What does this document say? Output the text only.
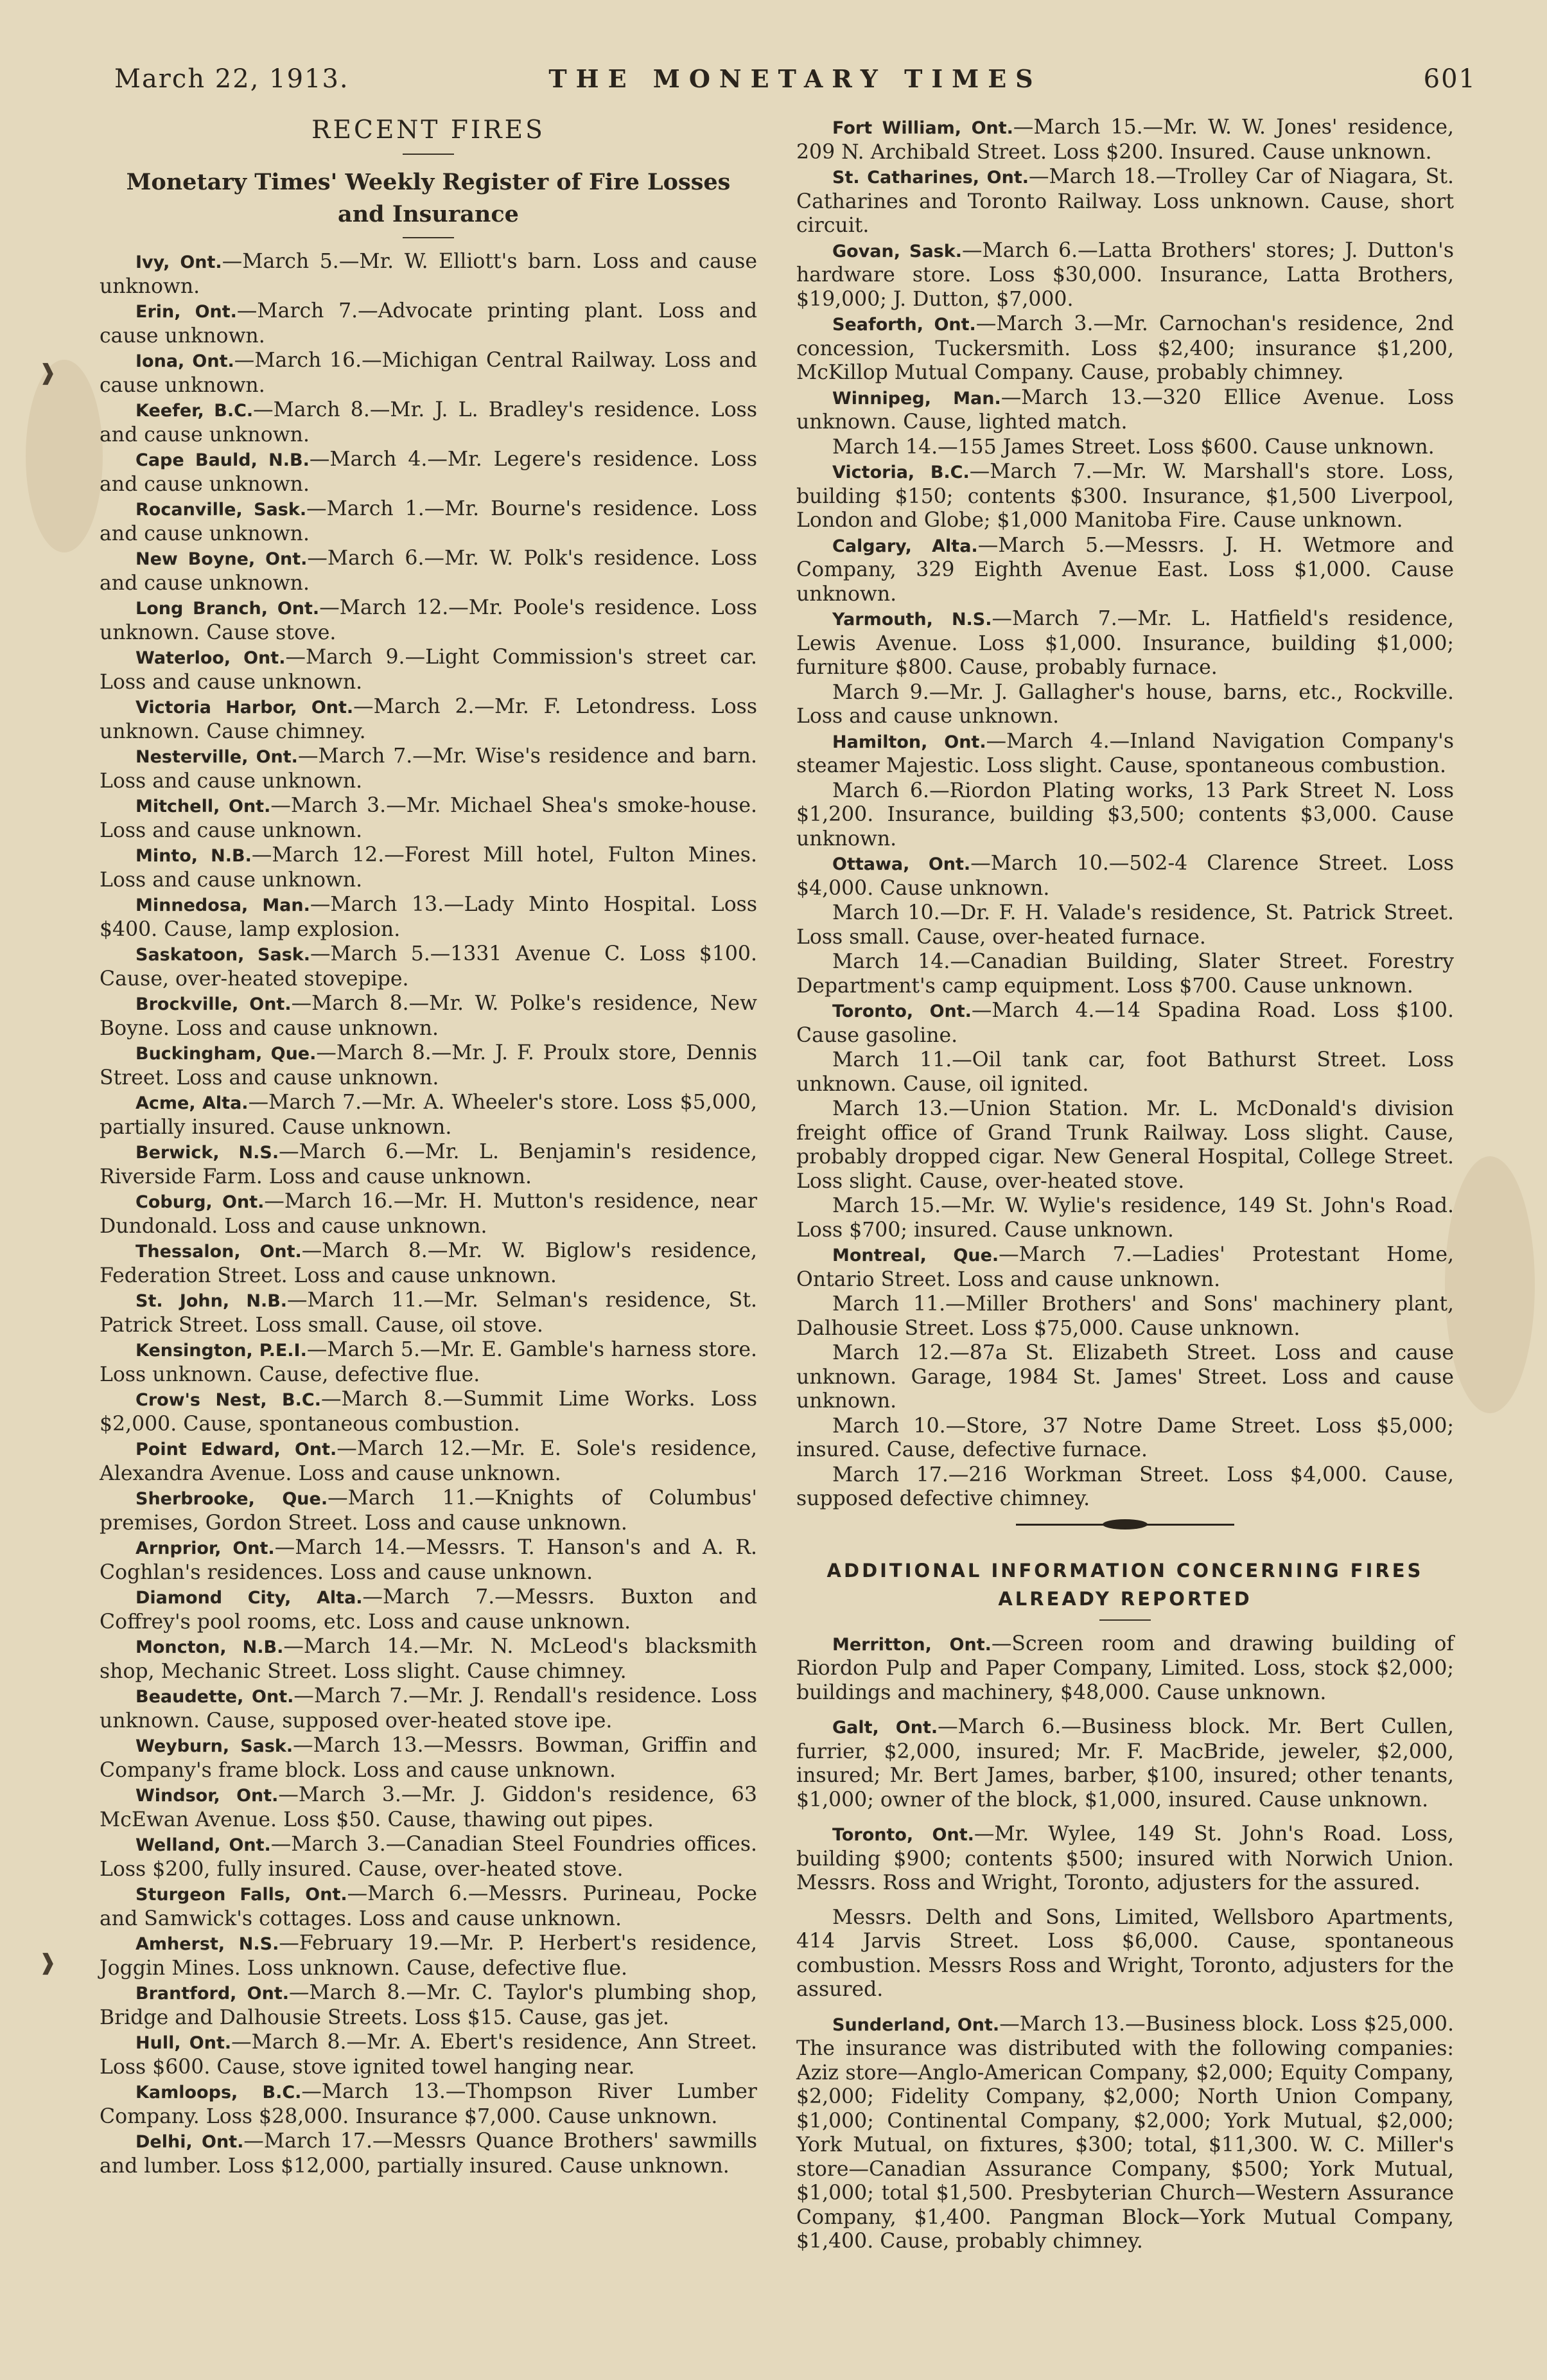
❱
❱
March 22, 1913.	THE MONETARY TIMES	601
RECENT FIRES
Monetary Times' Weekly Register of Fire Losses
and Insurance

Ivy, Ont.—March 5.—Mr. W. Elliott's barn. Loss and cause unknown.

Erin, Ont.—March 7.—Advocate printing plant. Loss and cause unknown.

Iona, Ont.—March 16.—Michigan Central Railway. Loss and cause unknown.

Keefer, B.C.—March 8.—Mr. J. L. Bradley's residence. Loss and cause unknown.

Cape Bauld, N.B.—March 4.—Mr. Legere's residence. Loss and cause unknown.

Rocanville, Sask.—March 1.—Mr. Bourne's residence. Loss and cause unknown.

New Boyne, Ont.—March 6.—Mr. W. Polk's residence. Loss and cause unknown.

Long Branch, Ont.—March 12.—Mr. Poole's residence. Loss unknown. Cause stove.

Waterloo, Ont.—March 9.—Light Commission's street car. Loss and cause unknown.

Victoria Harbor, Ont.—March 2.—Mr. F. Letondress. Loss unknown. Cause chimney.

Nesterville, Ont.—March 7.—Mr. Wise's residence and barn. Loss and cause unknown.

Mitchell, Ont.—March 3.—Mr. Michael Shea's smoke-house. Loss and cause unknown.

Minto, N.B.—March 12.—Forest Mill hotel, Fulton Mines. Loss and cause unknown.

Minnedosa, Man.—March 13.—Lady Minto Hospital. Loss $400. Cause, lamp explosion.

Saskatoon, Sask.—March 5.—1331 Avenue C. Loss $100. Cause, over-heated stovepipe.

Brockville, Ont.—March 8.—Mr. W. Polke's residence, New Boyne. Loss and cause unknown.

Buckingham, Que.—March 8.—Mr. J. F. Proulx store, Dennis Street. Loss and cause unknown.

Acme, Alta.—March 7.—Mr. A. Wheeler's store. Loss $5,000, partially insured. Cause unknown.

Berwick, N.S.—March 6.—Mr. L. Benjamin's residence, Riverside Farm. Loss and cause unknown.

Coburg, Ont.—March 16.—Mr. H. Mutton's residence, near Dundonald. Loss and cause unknown.

Thessalon, Ont.—March 8.—Mr. W. Biglow's residence, Federation Street. Loss and cause unknown.

St. John, N.B.—March 11.—Mr. Selman's residence, St. Patrick Street. Loss small. Cause, oil stove.

Kensington, P.E.I.—March 5.—Mr. E. Gamble's harness store. Loss unknown. Cause, defective flue.

Crow's Nest, B.C.—March 8.—Summit Lime Works. Loss $2,000. Cause, spontaneous combustion.

Point Edward, Ont.—March 12.—Mr. E. Sole's residence, Alexandra Avenue. Loss and cause unknown.

Sherbrooke, Que.—March 11.—Knights of Columbus' premises, Gordon Street. Loss and cause unknown.

Arnprior, Ont.—March 14.—Messrs. T. Hanson's and A. R. Coghlan's residences. Loss and cause unknown.

Diamond City, Alta.—March 7.—Messrs. Buxton and Coffrey's pool rooms, etc. Loss and cause unknown.

Moncton, N.B.—March 14.—Mr. N. McLeod's blacksmith shop, Mechanic Street. Loss slight. Cause chimney.

Beaudette, Ont.—March 7.—Mr. J. Rendall's residence. Loss unknown. Cause, supposed over-heated stove ipe.

Weyburn, Sask.—March 13.—Messrs. Bowman, Griffin and Company's frame block. Loss and cause unknown.

Windsor, Ont.—March 3.—Mr. J. Giddon's residence, 63 McEwan Avenue. Loss $50. Cause, thawing out pipes.

Welland, Ont.—March 3.—Canadian Steel Foundries offices. Loss $200, fully insured. Cause, over-heated stove.

Sturgeon Falls, Ont.—March 6.—Messrs. Purineau, Pocke and Samwick's cottages. Loss and cause unknown.

Amherst, N.S.—February 19.—Mr. P. Herbert's residence, Joggin Mines. Loss unknown. Cause, defective flue.

Brantford, Ont.—March 8.—Mr. C. Taylor's plumbing shop, Bridge and Dalhousie Streets. Loss $15. Cause, gas jet.

Hull, Ont.—March 8.—Mr. A. Ebert's residence, Ann Street. Loss $600. Cause, stove ignited towel hanging near.

Kamloops, B.C.—March 13.—Thompson River Lumber Company. Loss $28,000. Insurance $7,000. Cause unknown.

Delhi, Ont.—March 17.—Messrs Quance Brothers' sawmills and lumber. Loss $12,000, partially insured. Cause unknown.

Fort William, Ont.—March 15.—Mr. W. W. Jones' residence, 209 N. Archibald Street. Loss $200. Insured. Cause unknown.

St. Catharines, Ont.—March 18.—Trolley Car of Niagara, St. Catharines and Toronto Railway. Loss unknown. Cause, short circuit.

Govan, Sask.—March 6.—Latta Brothers' stores; J. Dutton's hardware store. Loss $30,000. Insurance, Latta Brothers, $19,000; J. Dutton, $7,000.

Seaforth, Ont.—March 3.—Mr. Carnochan's residence, 2nd concession, Tuckersmith. Loss $2,400; insurance $1,200, McKillop Mutual Company. Cause, probably chimney.

Winnipeg, Man.—March 13.—320 Ellice Avenue. Loss unknown. Cause, lighted match.

March 14.—155 James Street. Loss $600. Cause unknown.

Victoria, B.C.—March 7.—Mr. W. Marshall's store. Loss, building $150; contents $300. Insurance, $1,500 Liverpool, London and Globe; $1,000 Manitoba Fire. Cause unknown.

Calgary, Alta.—March 5.—Messrs. J. H. Wetmore and Company, 329 Eighth Avenue East. Loss $1,000. Cause unknown.

Yarmouth, N.S.—March 7.—Mr. L. Hatfield's residence, Lewis Avenue. Loss $1,000. Insurance, building $1,000; furniture $800. Cause, probably furnace.

March 9.—Mr. J. Gallagher's house, barns, etc., Rockville. Loss and cause unknown.

Hamilton, Ont.—March 4.—Inland Navigation Company's steamer Majestic. Loss slight. Cause, spontaneous combustion.

March 6.—Riordon Plating works, 13 Park Street N. Loss $1,200. Insurance, building $3,500; contents $3,000. Cause unknown.

Ottawa, Ont.—March 10.—502-4 Clarence Street. Loss $4,000. Cause unknown.

March 10.—Dr. F. H. Valade's residence, St. Patrick Street. Loss small. Cause, over-heated furnace.

March 14.—Canadian Building, Slater Street. Forestry Department's camp equipment. Loss $700. Cause unknown.

Toronto, Ont.—March 4.—14 Spadina Road. Loss $100. Cause gasoline.

March 11.—Oil tank car, foot Bathurst Street. Loss unknown. Cause, oil ignited.

March 13.—Union Station. Mr. L. McDonald's division freight office of Grand Trunk Railway. Loss slight. Cause, probably dropped cigar. New General Hospital, College Street. Loss slight. Cause, over-heated stove.

March 15.—Mr. W. Wylie's residence, 149 St. John's Road. Loss $700; insured. Cause unknown.

Montreal, Que.—March 7.—Ladies' Protestant Home, Ontario Street. Loss and cause unknown.

March 11.—Miller Brothers' and Sons' machinery plant, Dalhousie Street. Loss $75,000. Cause unknown.

March 12.—87a St. Elizabeth Street. Loss and cause unknown. Garage, 1984 St. James' Street. Loss and cause unknown.

March 10.—Store, 37 Notre Dame Street. Loss $5,000; insured. Cause, defective furnace.

March 17.—216 Workman Street. Loss $4,000. Cause, supposed defective chimney.

ADDITIONAL INFORMATION CONCERNING FIRES
ALREADY REPORTED

Merritton, Ont.—Screen room and drawing building of Riordon Pulp and Paper Company, Limited. Loss, stock $2,000; buildings and machinery, $48,000. Cause unknown.

Galt, Ont.—March 6.—Business block. Mr. Bert Cullen, furrier, $2,000, insured; Mr. F. MacBride, jeweler, $2,000, insured; Mr. Bert James, barber, $100, insured; other tenants, $1,000; owner of the block, $1,000, insured. Cause unknown.

Toronto, Ont.—Mr. Wylee, 149 St. John's Road. Loss, building $900; contents $500; insured with Norwich Union. Messrs. Ross and Wright, Toronto, adjusters for the assured.

Messrs. Delth and Sons, Limited, Wellsboro Apartments, 414 Jarvis Street. Loss $6,000. Cause, spontaneous combustion. Messrs Ross and Wright, Toronto, adjusters for the assured.

Sunderland, Ont.—March 13.—Business block. Loss $25,000. The insurance was distributed with the following companies: Aziz store—Anglo-American Company, $2,000; Equity Company, $2,000; Fidelity Company, $2,000; North Union Company, $1,000; Continental Company, $2,000; York Mutual, $2,000; York Mutual, on fixtures, $300; total, $11,300. W. C. Miller's store—Canadian Assurance Company, $500; York Mutual, $1,000; total $1,500. Presbyterian Church—Western Assurance Company, $1,400. Pangman Block—York Mutual Company, $1,400. Cause, probably chimney.
